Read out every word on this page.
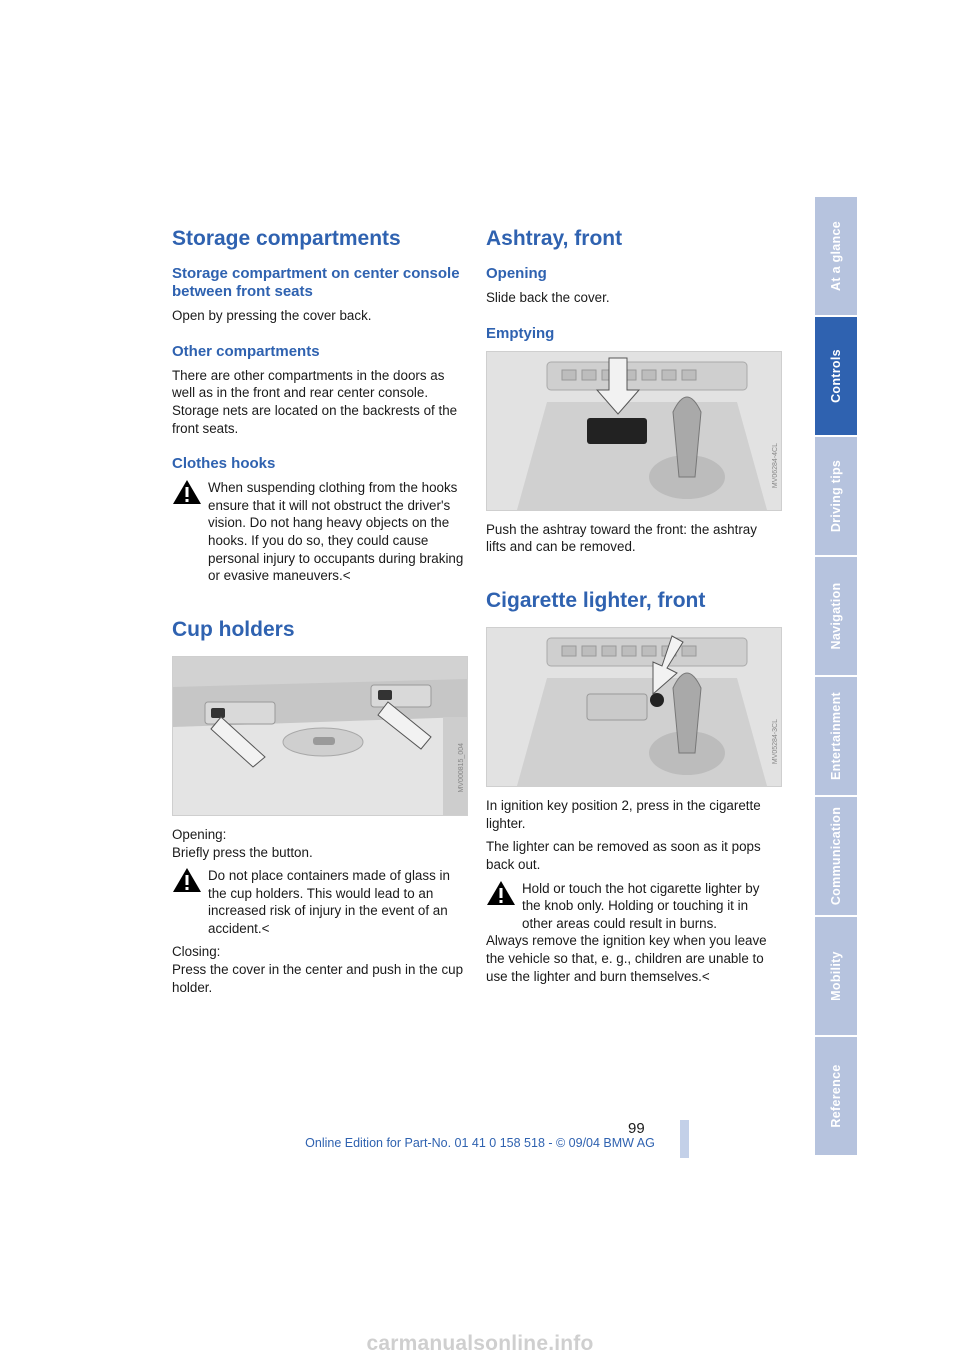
Storage compartments
Storage compartment on center console between front seats

Open by pressing the cover back.

Other compartments

There are other compartments in the doors as well as in the front and rear center console. Storage nets are located on the backrests of the front seats.

Clothes hooks

When suspending clothing from the hooks ensure that it will not obstruct the driver's vision. Do not hang heavy objects on the hooks. If you do so, they could cause personal injury to occupants during braking or evasive maneuvers.<

Cup holders
MV000815_004

Opening:

Briefly press the button.

Do not place containers made of glass in the cup holders. This would lead to an increased risk of injury in the event of an accident.<

Closing:

Press the cover in the center and push in the cup holder.

Ashtray, front
Opening

Slide back the cover.

Emptying
MV06284-4CL

Push the ashtray toward the front: the ashtray lifts and can be removed.

Cigarette lighter, front
MV05284-3CL

In ignition key position 2, press in the cigarette lighter.

The lighter can be removed as soon as it pops back out.

Hold or touch the hot cigarette lighter by the knob only. Holding or touching it in other areas could result in burns.

Always remove the ignition key when you leave the vehicle so that, e. g., children are unable to use the lighter and burn themselves.<

At a glance
Controls
Driving tips
Navigation
Entertainment
Communication
Mobility
Reference
99
Online Edition for Part-No. 01 41 0 158 518 - © 09/04 BMW AG
carmanualsonline.info
